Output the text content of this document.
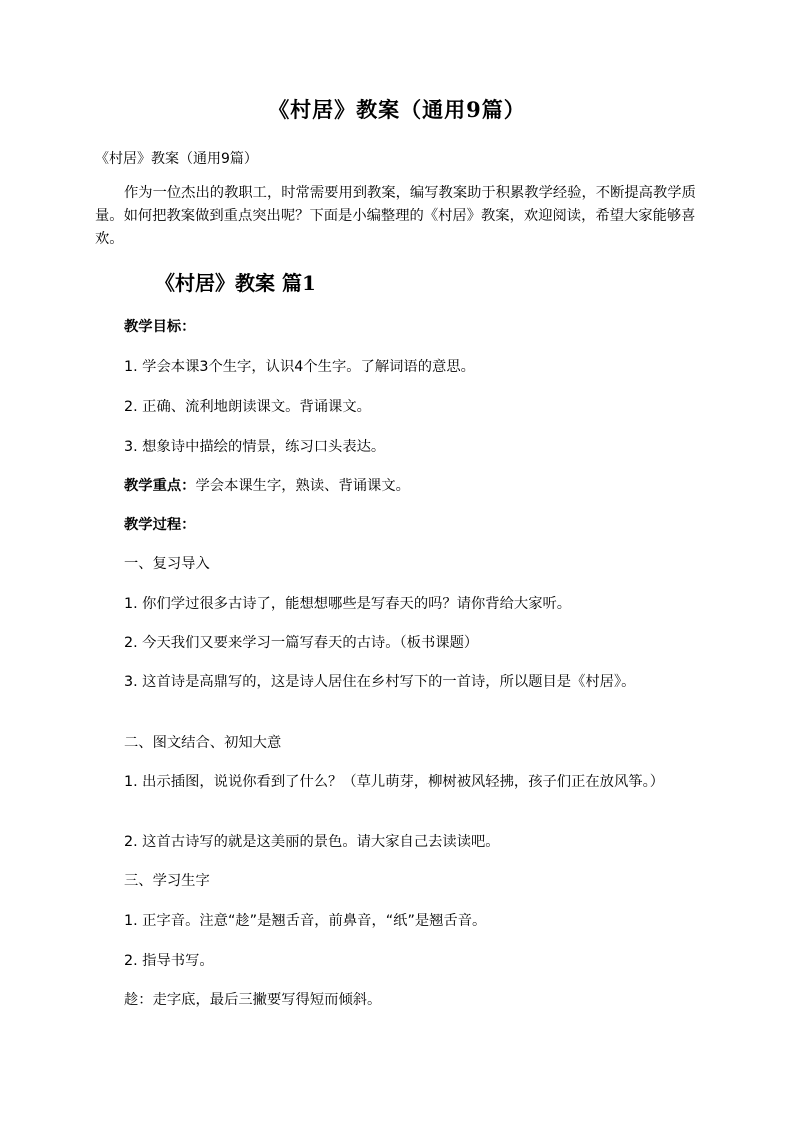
《村居》教案（通用9篇）

《村居》教案（通用9篇）

作为一位杰出的教职工，时常需要用到教案，编写教案助于积累教学经验，不断提高教学质量。如何把教案做到重点突出呢？下面是小编整理的《村居》教案，欢迎阅读，希望大家能够喜欢。

《村居》教案 篇1

教学目标：

1. 学会本课3个生字，认识4个生字。了解词语的意思。

2. 正确、流利地朗读课文。背诵课文。

3. 想象诗中描绘的情景，练习口头表达。

教学重点：学会本课生字，熟读、背诵课文。

教学过程：

一、复习导入

1. 你们学过很多古诗了，能想想哪些是写春天的吗？请你背给大家听。

2. 今天我们又要来学习一篇写春天的古诗。（板书课题）

3. 这首诗是高鼎写的，这是诗人居住在乡村写下的一首诗，所以题目是《村居》。

二、图文结合、初知大意

1. 出示插图，说说你看到了什么？（草儿萌芽，柳树被风轻拂，孩子们正在放风筝。）

2. 这首古诗写的就是这美丽的景色。请大家自己去读读吧。

三、学习生字

1. 正字音。注意“趁”是翘舌音，前鼻音，“纸”是翘舌音。

2. 指导书写。

趁：走字底，最后三撇要写得短而倾斜。
